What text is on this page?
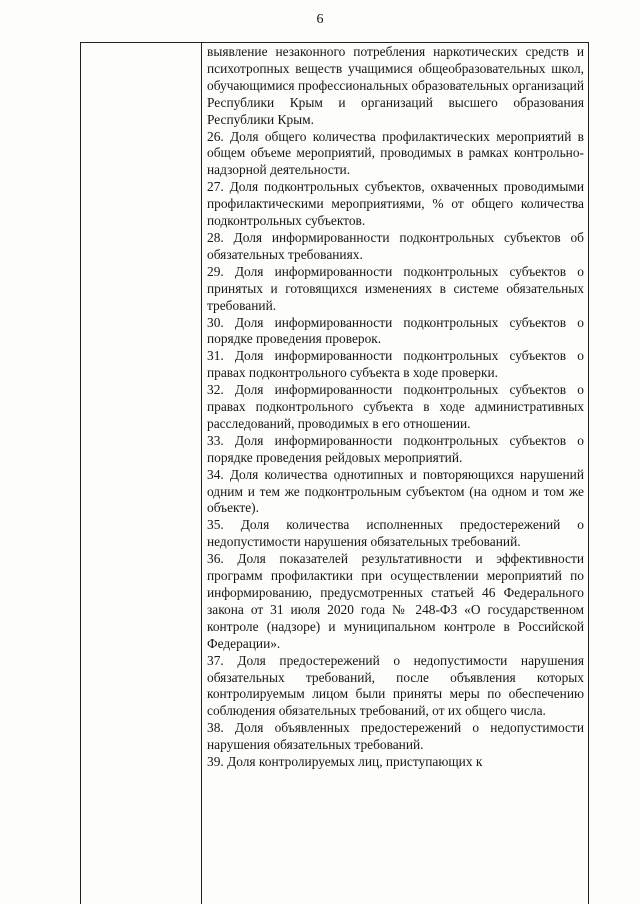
6

выявление незаконного потребления наркотических средств и психотропных веществ учащимися общеобразовательных школ, обучающимися профессиональных образовательных организаций Республики Крым и организаций высшего образования Республики Крым.

26. Доля общего количества профилактических мероприятий в общем объеме мероприятий, проводимых в рамках контрольно-надзорной деятельности.

27. Доля подконтрольных субъектов, охваченных проводимыми профилактическими мероприятиями, % от общего количества подконтрольных субъектов.

28. Доля информированности подконтрольных субъектов об обязательных требованиях.

29. Доля информированности подконтрольных субъектов о принятых и готовящихся изменениях в системе обязательных требований.

30. Доля информированности подконтрольных субъектов о порядке проведения проверок.

31. Доля информированности подконтрольных субъектов о правах подконтрольного субъекта в ходе проверки.

32. Доля информированности подконтрольных субъектов о правах подконтрольного субъекта в ходе административных расследований, проводимых в его отношении.

33. Доля информированности подконтрольных субъектов о порядке проведения рейдовых мероприятий.

34. Доля количества однотипных и повторяющихся нарушений одним и тем же подконтрольным субъектом (на одном и том же объекте).

35. Доля количества исполненных предостережений о недопустимости нарушения обязательных требований.

36. Доля показателей результативности и эффективности программ профилактики при осуществлении мероприятий по информированию, предусмотренных статьей 46 Федерального закона от 31 июля 2020 года № 248-ФЗ «О государственном контроле (надзоре) и муниципальном контроле в Российской Федерации».

37. Доля предостережений о недопустимости нарушения обязательных требований, после объявления которых контролируемым лицом были приняты меры по обеспечению соблюдения обязательных требований, от их общего числа.

38. Доля объявленных предостережений о недопустимости нарушения обязательных требований.

39. Доля контролируемых лиц, приступающих к
